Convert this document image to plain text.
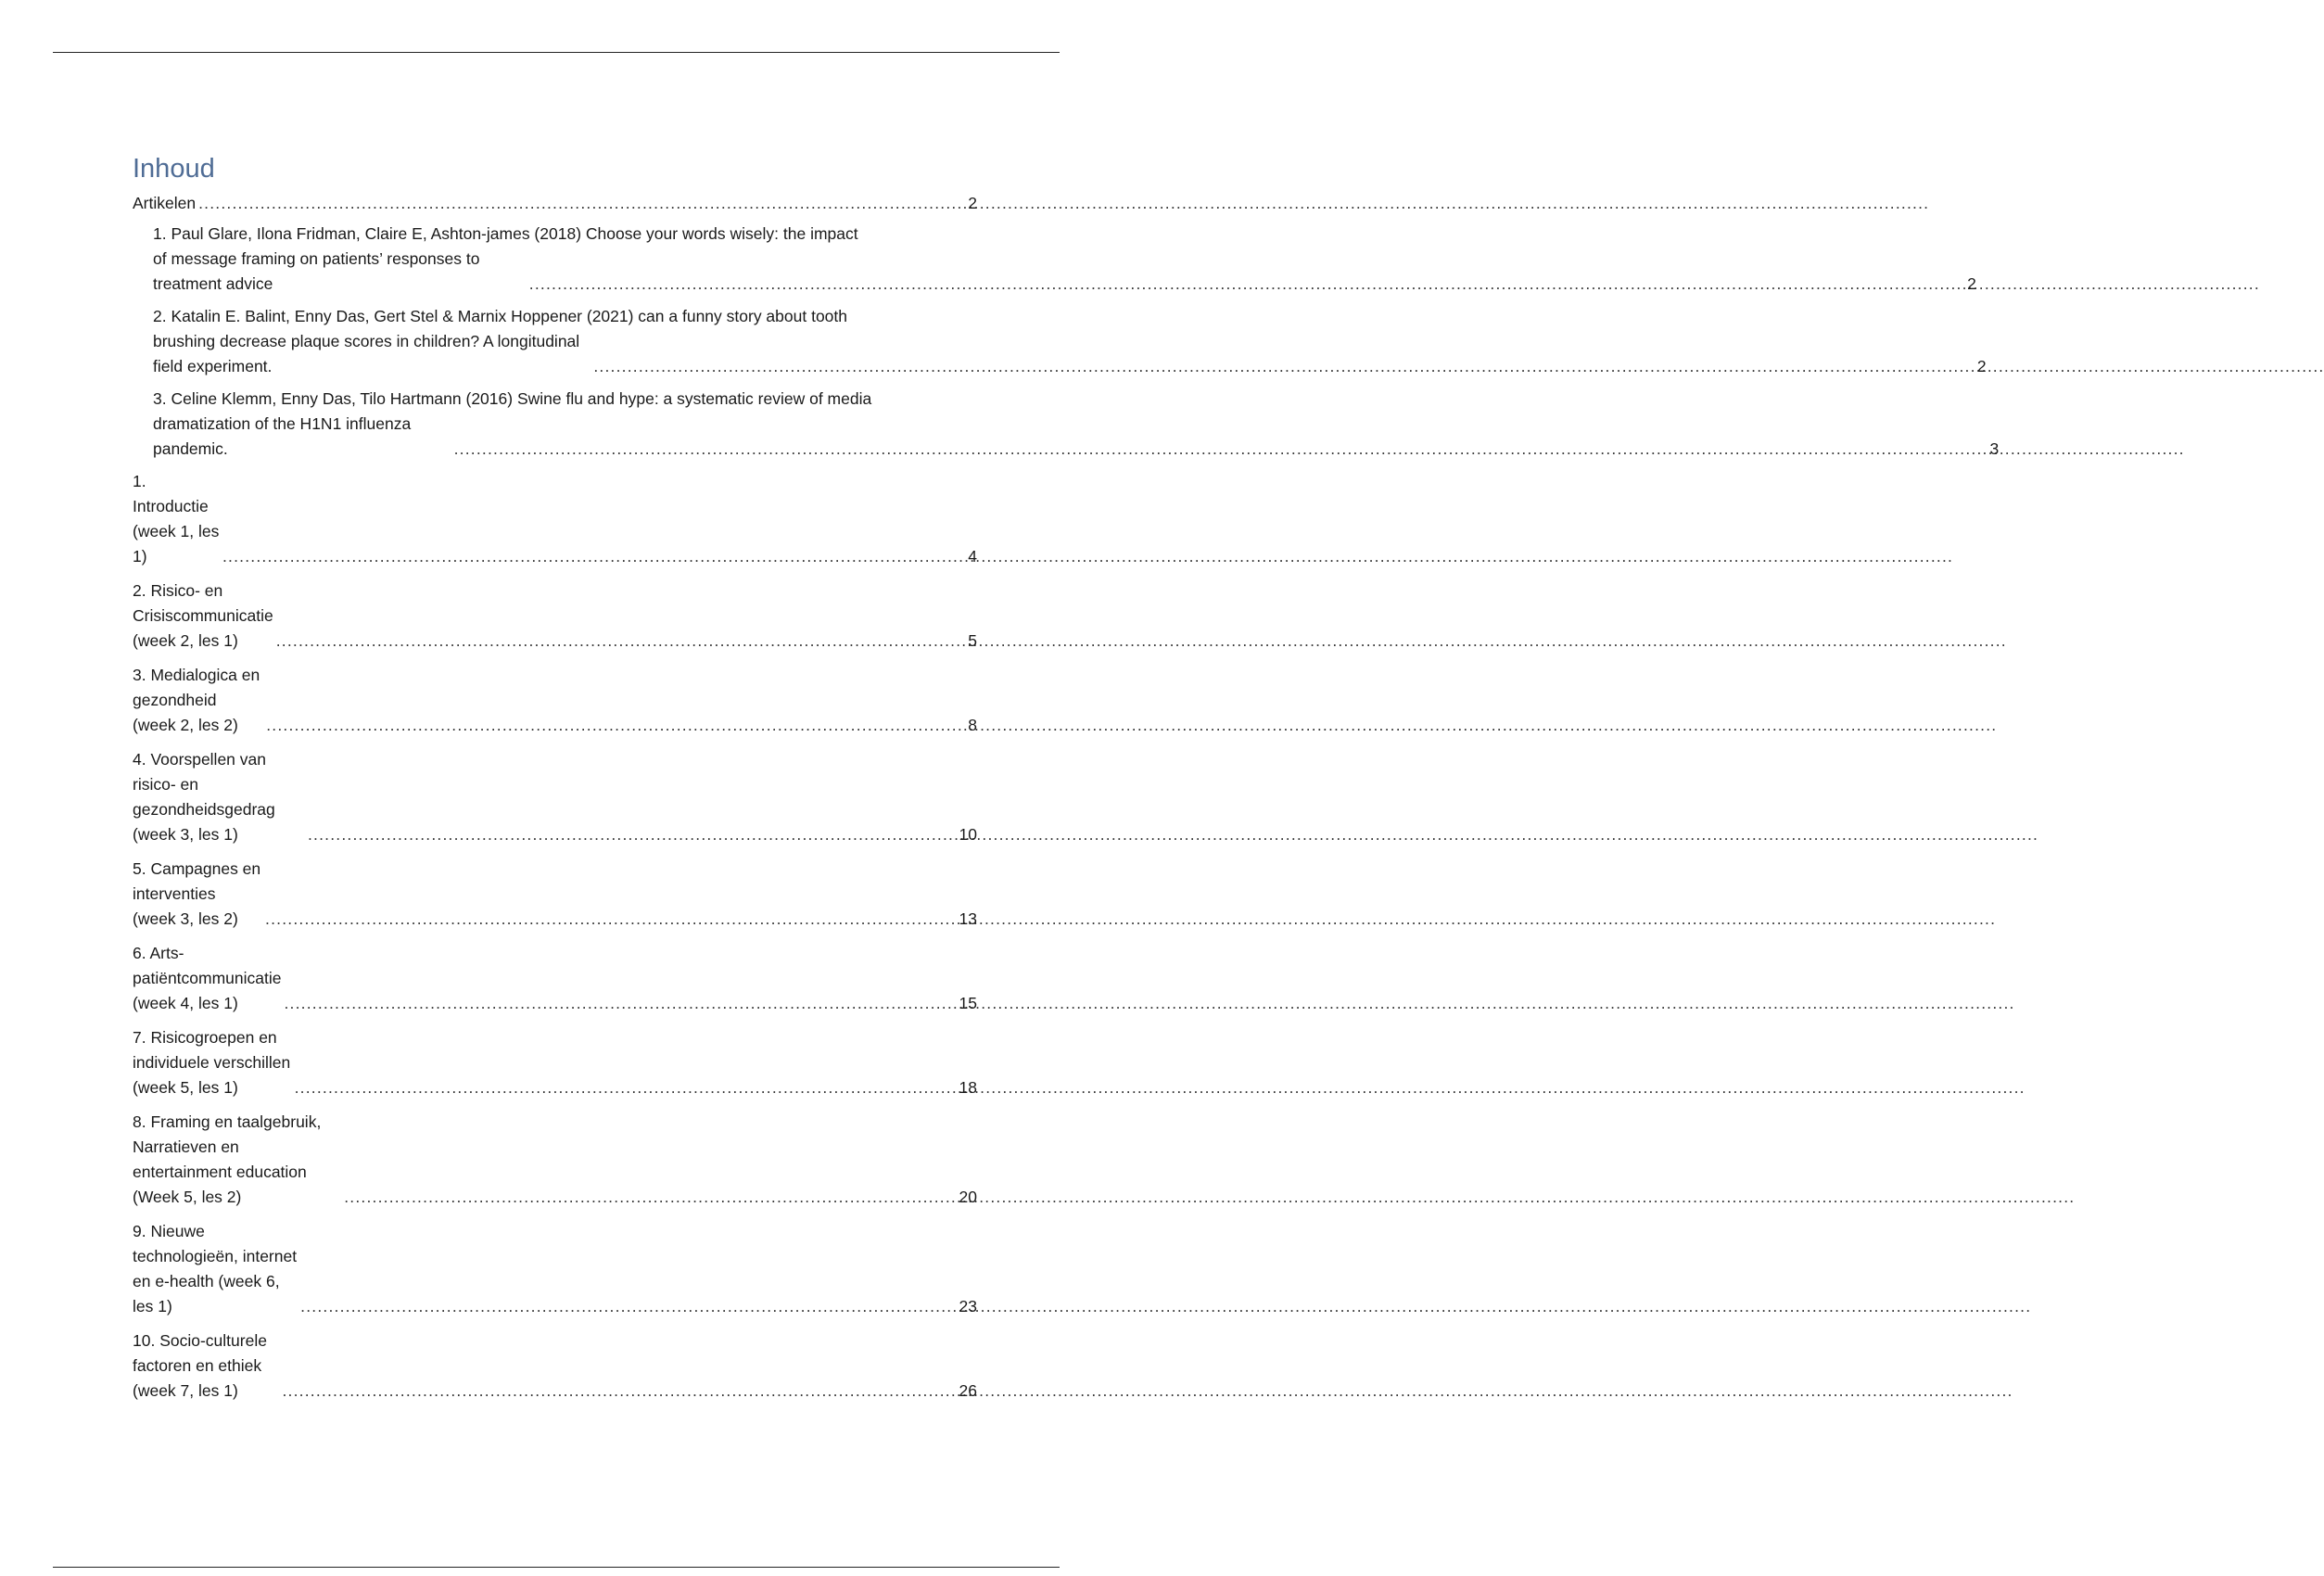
Inhoud
Artikelen .....	2
1. Paul Glare, Ilona Fridman, Claire E, Ashton-james (2018) Choose your words wisely: the impact
of message framing on patients’ responses to treatment advice .....	2
2. Katalin E. Balint, Enny Das, Gert Stel & Marnix Hoppener (2021) can a funny story about tooth
brushing decrease plaque scores in children? A longitudinal field experiment. .....	2
3. Celine Klemm, Enny Das, Tilo Hartmann (2016) Swine flu and hype: a systematic review of media
dramatization of the H1N1 influenza pandemic. .....	3
1. Introductie (week 1, les 1) .....	4
2. Risico- en Crisiscommunicatie (week 2, les 1) .....	5
3. Medialogica en gezondheid (week 2, les 2) .....	8
4. Voorspellen van risico- en gezondheidsgedrag (week 3, les 1) .....	10
5. Campagnes en interventies (week 3, les 2) .....	13
6. Arts-patiëntcommunicatie (week 4, les 1) .....	15
7. Risicogroepen en individuele verschillen (week 5, les 1) .....	18
8. Framing en taalgebruik, Narratieven en entertainment education (Week 5, les 2) .....	20
9. Nieuwe technologieën, internet en e-health (week 6, les 1) .....	23
10. Socio-culturele factoren en ethiek (week 7, les 1) .....	26
